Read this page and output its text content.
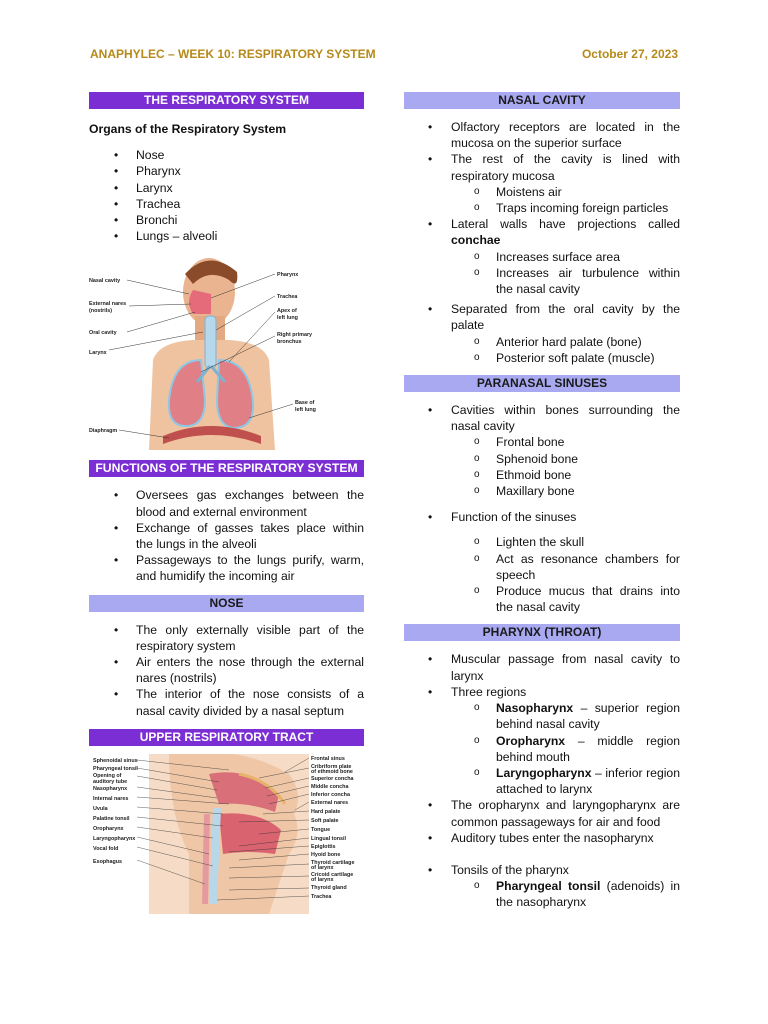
ANAPHYLEC – WEEK 10: RESPIRATORY SYSTEM	October 27, 2023
THE RESPIRATORY SYSTEM
Organs of the Respiratory System
• Nose
• Pharynx
• Larynx
• Trachea
• Bronchi
• Lungs – alveoli
Nasal cavity
External nares
(nostrils)
Oral cavity
Larynx
Diaphragm
Pharynx
Trachea
Apex of
left lung
Right primary
bronchus
Base of
left lung
FUNCTIONS OF THE RESPIRATORY SYSTEM
• Oversees gas exchanges between the blood and external environment
• Exchange of gasses takes place within the lungs in the alveoli
• Passageways to the lungs purify, warm, and humidify the incoming air
NOSE
• The only externally visible part of the respiratory system
• Air enters the nose through the external nares (nostrils)
• The interior of the nose consists of a nasal cavity divided by a nasal septum
UPPER RESPIRATORY TRACT
Sphenoidal sinus
Pharyngeal tonsil
Opening of
auditory tube
Nasopharynx
Internal nares
Uvula
Palatine tonsil
Oropharynx
Laryngopharynx
Vocal fold
Esophagus
Frontal sinus
Cribriform plate
of ethmoid bone
Superior concha
Middle concha
Inferior concha
External nares
Hard palate
Soft palate
Tongue
Lingual tonsil
Epiglottis
Hyoid bone
Thyroid cartilage
of larynx
Cricoid cartilage
of larynx
Thyroid gland
Trachea
NASAL CAVITY
• Olfactory receptors are located in the mucosa on the superior surface
• The rest of the cavity is lined with respiratory mucosa
o Moistens air
o Traps incoming foreign particles
• Lateral walls have projections called conchae
o Increases surface area
o Increases air turbulence within the nasal cavity
• Separated from the oral cavity by the palate
o Anterior hard palate (bone)
o Posterior soft palate (muscle)
PARANASAL SINUSES
• Cavities within bones surrounding the nasal cavity
o Frontal bone
o Sphenoid bone
o Ethmoid bone
o Maxillary bone
• Function of the sinuses
o Lighten the skull
o Act as resonance chambers for speech
o Produce mucus that drains into the nasal cavity
PHARYNX (THROAT)
• Muscular passage from nasal cavity to larynx
• Three regions
o Nasopharynx – superior region behind nasal cavity
o Oropharynx – middle region behind mouth
o Laryngopharynx – inferior region attached to larynx
• The oropharynx and laryngopharynx are common passageways for air and food
• Auditory tubes enter the nasopharynx
• Tonsils of the pharynx
o Pharyngeal tonsil (adenoids) in the nasopharynx
